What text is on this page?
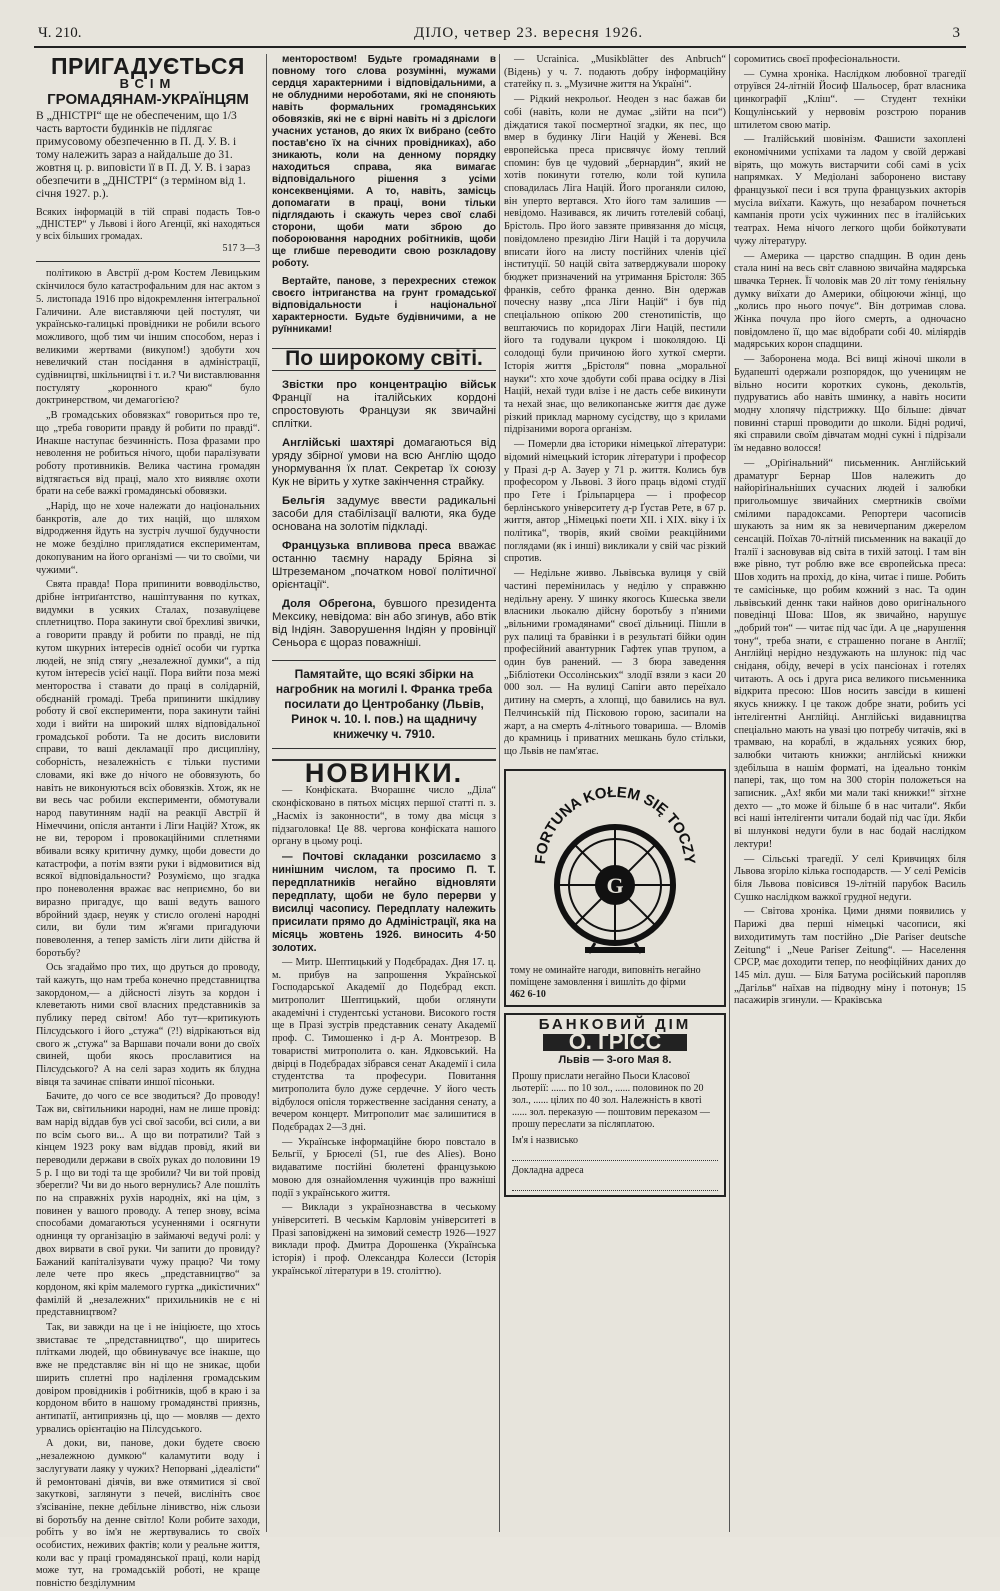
Ч. 210.	ДІЛО, четвер 23. вересня 1926.	3
ПРИГАДУЄТЬСЯ
ВСІМ
ГРОМАДЯНАМ-УКРАЇНЦЯМ
В „ДНІСТРІ“ ще не обеспеченим, що 1/3 часть вартости будинків не підлягає примусовому обезпеченню в П. Д. У. В. і тому належить зараз а найдальше до 31. жовтня ц. р. виповісти її в П. Д. У. В. і зараз обезпечити в „ДНІСТРІ“ (з терміном від 1. січня 1927. р.).
Всяких інформацій в тій справі подасть Тов-о „ДНІСТЕР“ у Львові і його Агенції, які находяться у всіх більших громадах.
517 3—3

політикою в Австрії д-ром Костем Левицьким скінчилося було катастрофальним для нас актом з 5. листопада 1916 про відокремлення інтегральної Галичини. Але виставляючи цей постулят, чи українсько-галицькі провідники не робили всього можливого, щоб тим чи іншим способом, нераз і великими жертвами (викупом!) здобути хоч невеличкий стан посідання в адміністрації, судівництві, шкільництві і т. и.? Чи виставлювання постуляту „коронного краю“ було доктринерством, чи демагогією?

„В громадських обовязках“ говориться про те, що „треба говорити правду й робити по правді“. Инакше наступає безчинність. Поза фразами про неволення не робиться нічого, щоби паралізувати роботу противників. Велика частина громадян відтягається від праці, мало хто виявляє охоти брати на себе важкі громадянські обовязки.

„Нарід, що не хоче належати до національних банкротів, але до тих націй, що шляхом відродження йдуть на зустріч лучшої будучности не може безділно приглядатися експериментам, докопуваним на його організмі — чи то своїми, чи чужими“.

Свята правда! Пора припинити вовводільство, дрібне інтриґантство, нашіптування по кутках, видумки в усяких Сталах, позавуліцеве сплетництво. Пора закинути свої брехливі звички, а говорити правду й робити по правді, не під кутом шкурних інтересів однієї особи чи гуртка людей, не зпід стягу „незалежної думки“, а під кутом інтересів усієї нації. Пора вийти поза межі ментороства і ставати до праці в солідарній, обєднаній громаді. Треба припинити шкідливу роботу й свої експерименти, пора закинути тайні ходи і вийти на широкий шлях відповідальної громадської роботи. Та не досить висловити справи, то ваші декламації про дисципліну, соборність, незалежність є тільки пустими словами, які вже до нічого не обовязують, бо навіть не виконуються всіх обовязків. Хтож, як не ви весь час робили експерименти, обмотували народ павутинням надії на реакції Австрії й Німеччини, опісля антанти і Ліги Націй? Хтож, як не ви, терором і провокаційними сплетнями вбивали всяку критичну думку, щоби довести до катастрофи, а потім взяти руки і відмовитися від всякої відповідальности? Розуміємо, що згадка про поневолення вражає вас неприємно, бо ви виразно пригадує, що ваші ведуть вашого вбройний здаєр, неуяк у стисло оголені народні сили, ви були тим ж'ягами пригадуючи повеволення, а тепер замість ліги лити дійства й боротьбу?

Ось згадаймо про тих, що друться до проводу, тай кажуть, що нам треба конечно представництва закордоном,— а дійсності лізуть за кордон і клеветають ними свої власних представників за публику перед світом! Або тут—критикують Пілсудського і його „стужа“ (?!) відрікаються від свого ж „стужа“ за Варшави почали вони до своїх свиней, щоби якось прославитися на Пілсудського? А на селі зараз ходить як блудна вівця та зачинає співати иншої пісоньки.

Бачите, до чого се все зводиться? До проводу! Таж ви, світильники народні, нам не лише провід: вам нарід віддав був усі свої засоби, всі сили, а ви по всім сього ви... А що ви потратили? Тай з кінцем 1923 року вам віддав провід, який ви переводили держави в своїх руках до половини 19 5 р. І що ви тоді та ще зробили? Чи ви той провід зберегли? Чи ви до нього вернулись? Але пошліть по на справжніх рухів народніх, які на цім, з повинен у вашого проводу. А тепер знову, всіма способами домагаються усуненнями і осягнути однинця ту організацію в займаючі ведучі ролі: у двох вирвати в свої руки. Чи запити до провиду? Бажаний капіталізувати чужу працю? Чи тому леле чете про якесь „представництво“ за кордоном, які крім малемого гуртка „дикістичних“ фамілій й „незалежних“ прихильників не є ні представництвом?

Так, ви завжди на це і не ініціюєте, що хтось звиставає те „представництво“, що ширитесь плітками людей, що обвинувачує все інакше, що вже не представляє він ні що не зникає, щоби ширить сплетні про наділення громадським довіром провідників і робітників, щоб в краю і за кордоном вбито в нашому громадянстві приязнь, антипатії, антиприязнь ці, що — мовляв — дехто урвались орієнтацію на Пілсудського.

А доки, ви, панове, доки будете своєю „незалежною думкою“ каламутити воду і заслугувати лаяку у чужих? Непорвані „ідеалісти“ й ремонтовані діячів, ви вже отямитися зі свої закуткові, заглянути з печей, вислініть своє з'ясіваніне, пекне дебільне лінивство, ніж сльози ві боротьбу на денне світло! Коли робите заходи, робіть у во ім'я не жертвувались то своїх особистих, неживих фактів; коли у реальне життя, коли вас у праці громадянської праці, коли нарід може тут, на громадській роботі, не краще повністю безділумним

ментороством! Будьте громадянами в повному того слова розумінні, мужами сердця характерними і відповідальними, а не облудними нероботами, які не споняють навіть формальних громадянських обовязків, які не є вірні навіть ні з дріслоги учасних установ, до яких їх вибрано (себто постав'єно їх на січних провідниках), або зникають, коли на денному порядку находиться справа, яка вимагає відповідального рішення з усіми консеквенціями. А то, навіть, замісць допомагати в праці, вони тільки підглядають і скажуть через свої слабі сторони, щоби мати зброю до побороювання народних робітників, щоби ще глибше переводити свою розкладову роботу.

Вертайте, панове, з перехресних стежок своєго інтриганства на грунт громадської відповідальности і національної характерности. Будьте будівничими, а не руїнниками!

По широкому світі.
Звістки про концентрацію військ Франції на італійських кордоні спростовують Французи як звичайні сплітки.
Англійські шахтярі домагаються від уряду збірної умови на всю Англію щодо унормування їх плат. Секретар їх союзу Кук не вірить у хутке закінчення страйку.
Бельгія задумує ввести радикальні засоби для стабілізації валюти, яка буде основана на золотім підкладі.
Французька впливова преса вважає останню таємну нараду Бріяна зі Штреземаном „початком нової політичної орієнтації“.
Доля Обрегона, бувшого президента Мексику, невідома: він або згинув, або втік від Індіян. Заворушення Індіян у провінції Сеньора є щораз поважніші.
Памятайте, що всякі збірки на нагробник на могилі І. Франка треба посилати до Центробанку (Львів, Ринок ч. 10. І. пов.) на щадничу книжечку ч. 7910.
НОВИНКИ.

— Конфіската. Вчорашнє число „Діла“ сконфісковано в пятьох місцях першої статті п. з. „Насміх із законности“, в тому два місця з підзаголовка! Це 88. чергова конфіската нашого органу в цьому році.

— Почтові складанки розсилаємо з нинішним числом, та просимо П. Т. передплатників негайно відновляти передплату, щоби не було перерви у висилці часопису. Передплату належить присилати прямо до Адміністрації, яка на місяць жовтень 1926. виносить 4·50 золотих.

— Митр. Шептицький у Подєбрадах. Дня 17. ц. м. прибув на запрошення Української Господарської Академії до Подєбрад експ. митрополит Шептицький, щоби оглянути академічні і студентські установи. Високого гостя ще в Празі зустрів представник сенату Академії проф. С. Тимошенко і д-р А. Монтрезор. В товаристві митрополита о. кан. Ядковський. На двірці в Подєбрадах зібрався сенат Академії і сила студентства та професури. Повитання митрополита було дуже сердечне. У його честь відбулося опісля торжественне засідання сенату, а вечером концерт. Митрополит має залишитися в Подєбрадах 2—3 дні.

— Українське інформаційне бюро повстало в Бельгії, у Брюселі (51, rue des Alies). Воно видаватиме постійні бюлетені французькою мовою для ознайомлення чужинців про важніші події з українського життя.

— Виклади з українознавства в чеському університеті. В чеськім Карловім університеті в Празі заповіджені на зимовий семестр 1926—1927 виклади проф. Дмитра Дорошенка (Українська історія) і проф. Олександра Колесси (Історія української літератури в 19. століттю).

— Ucrainica. „Musikblätter des Anbruch“ (Відень) у ч. 7. подають добру інформаційну статейку п. з. „Музичне життя на Україні“.

— Рідкий некрольоґ. Неоден з нас бажав би собі (навіть, коли не думає „зійти на пси“) діждатися такої посмертної згадки, як пес, що вмер в будинку Ліги Націй у Женеві. Вся европейська преса присвячує йому теплий спомин: був це чудовий „бернардин“, який не хотів покинути готелю, коли той купила сповадилась Ліга Націй. Його проганяли силою, він уперто вертався. Хто його там залишив — невідомо. Називався, як личить готелевій собаці, Брістоль. Про його завзяте привязання до місця, повідомлено президію Ліги Націй і та доручила вписати його на листу постійних членів цієї інституції. 50 націй світа затверджували шороку бюджет призначений на утримання Брістоля: 365 франків, себто франка денно. Він одержав почесну назву „пса Ліги Націй“ і був під спеціальною опікою 200 стенотипістів, що вештаючись по коридорах Ліги Націй, пестили його та годували цукром і шоколядою. Ці солодощі були причиною його хуткої смерти. Історія життя „Брістоля“ повна „моральної науки“: хто хоче здобути собі права осідку в Лізі Націй, нехай туди влізе і не дасть себе викинути та нехай знає, що великопанське життя дає дуже різкий приклад марному сусідству, що з крилами підрізаними ворога організм.

— Померли два історики німецької літератури: відомий німецький історик літератури і професор у Празі д-р А. Зауер у 71 р. життя. Колись був професором у Львові. З його праць відомі студії про Гете і Ґрільпарцера — і професор берлінського університету д-р Ґустав Рете, в 67 р. життя, автор „Німецькі поети ХІІ. і ХІХ. віку і їх політика“, творів, який своїми реакційними поглядами (як і инші) викликали у свій час різкий спротив.

— Недільне живво. Львівська вулиця у свій частині перемінилась у неділю у справжню недільну арену. У шинку якогось Кшеська звели власники льокалю дійсну боротьбу з п'яними „вільними громадянами“ своєї дільниці. Пішли в рух палиці та бравінки і в результаті бійки один професійний авантурник Гафтек упав трупом, а один був ранений. — З бюра заведення „Бібліотеки Оссолінських“ злодії взяли з каси 20 000 зол. — На вулиці Сапіги авто переїхало дитину на смерть, а хлопці, що бавились на вул. Пелчинській під Пісковою горою, засипали на жарт, а на смерть 4-літнього товариша. — Вломів до крамниць і приватних мешкань було стільки, що Львів не пам'ятає.

FORTUNA KOŁEM SIĘ TOCZY
G
тому не оминайте нагоди, виповніть негайно поміщене замовлення і вишліть до фірми
462 6-10
БАНКОВИЙ ДІМ
О. ҐРІСС
Львів — 3-ого Мая 8.
Прошу прислати негайно Пьоси Класової льотерії: ...... по 10 зол., ...... половинок по 20 зол., ...... цілих по 40 зол. Належність в квоті ...... зол. переказую — поштовим переказом — прошу переслати за післяплатою.
Ім'я і назвисько
Докладна адреса

соромитись своєї професіональности.

— Сумна хроніка. Наслідком любовної трагедії отруївся 24-літній Йосиф Шальосер, брат власника цинкографії „Кліш“. — Студент техніки Кощулінський у нервовім розстрою поранив штилетом свою матір.

— Італійський шовінізм. Фашисти захоплені економічними успіхами та ладом у своїй державі вірять, що можуть вистарчити собі самі в усіх напрямках. У Медіолані заборонено виставу французької песи і вся трупа французьких акторів мусіла виїхати. Кажуть, що незабаром почнеться кампанія проти усіх чужинних пєс в італійських театрах. Нема нічого легкого щоби бойкотувати чужу літературу.

— Америка — царство спадщин. В один день стала нині на весь світ славною звичайна мадярська швачка Тернек. Її чоловік мав 20 літ тому ґеніяльну думку виїхати до Америки, обіцюючи жінці, що „колись про нього почує“. Він дотримав слова. Жінка почула про його смерть, а одночасно повідомлено її, що має відобрати собі 40. міліярдів мадярських корон спадщини.

— Заборонена мода. Всі вищі жіночі школи в Будапешті одержали розпорядок, що ученицям не вільно носити коротких суконь, декольтів, пудруватись або навіть шминку, а навіть носити модну хлопячу підстрижку. Що більше: дівчат повинні старші проводити до школи. Бідні родичі, які справили своїм дівчатам модні сукні і підрізали їм недавно волосся!

— „Оріґінальний“ письменник. Англійський драматург Бернар Шов належить до найоріґінальніших сучасних людей і залюбки пригольомшує звичайних смертників своїми смілими парадоксами. Репортери часописів шукають за ним як за невичерпаним джерелом сенсацій. Поїхав 70-літній письменник на вакації до Італії і засновував від світа в тихій затоці. І там він вже рівно, тут роблю вже все європейська преса: Шов ходить на прохід, до кіна, читає і пише. Робить те самісіньке, що робим кожний з нас. Та один львівський деннк таки найнов дово оригінального поведінці Шова: Шов, як звичайно, нарушує „добрий тон“ — читає під час їди. А це „нарушення тону“, треба знати, є страшенно погане в Англії; Англійці нерідно нездужають на шлунок: під час сніданя, обіду, вечері в усіх пансіонах і готелях читають. А ось і друга риса великого письменника відкрита пресою: Шов носить завсіди в кишені якусь книжку. І це також добре знати, робить усі інтелігентні Англійці. Англійські видавництва спеціально мають на увазі цю потребу читачів, які в трамваю, на кораблі, в ждальнях усяких бюр, залюбки читають книжки; англійські книжки здебільша в нашім форматі, на ідеально тонкім папері, так, що том на 300 сторін положеться на записник. „Ах! якби ми мали такі книжки!“ зітхне дехто — „то може й більше б в нас читали“. Якби всі наші інтелігенти читали бодай під час їди. Якби ві шлункові недуги були в нас бодай наслідком лектури!

— Сільські трагедії. У селі Кривчицях біля Львова згоріло кілька господарств. — У селі Ремісів біля Львова повісився 19-літній парубок Василь Сушко наслідком важкої грудної недуги.

— Світова хроніка. Цими днями появились у Парижі два перші німецькі часописи, які виходитимуть там постійно „Die Pariser deutsche Zeitung“ і „Neue Pariser Zeitung“. — Населення СРСР, має доходити тепер, по неофіційних даних до 145 міл. душ. — Біля Батума російський паропляв „Дагільв“ наїхав на підводну міну і потонув; 15 пасажирів згинули. — Краківська
